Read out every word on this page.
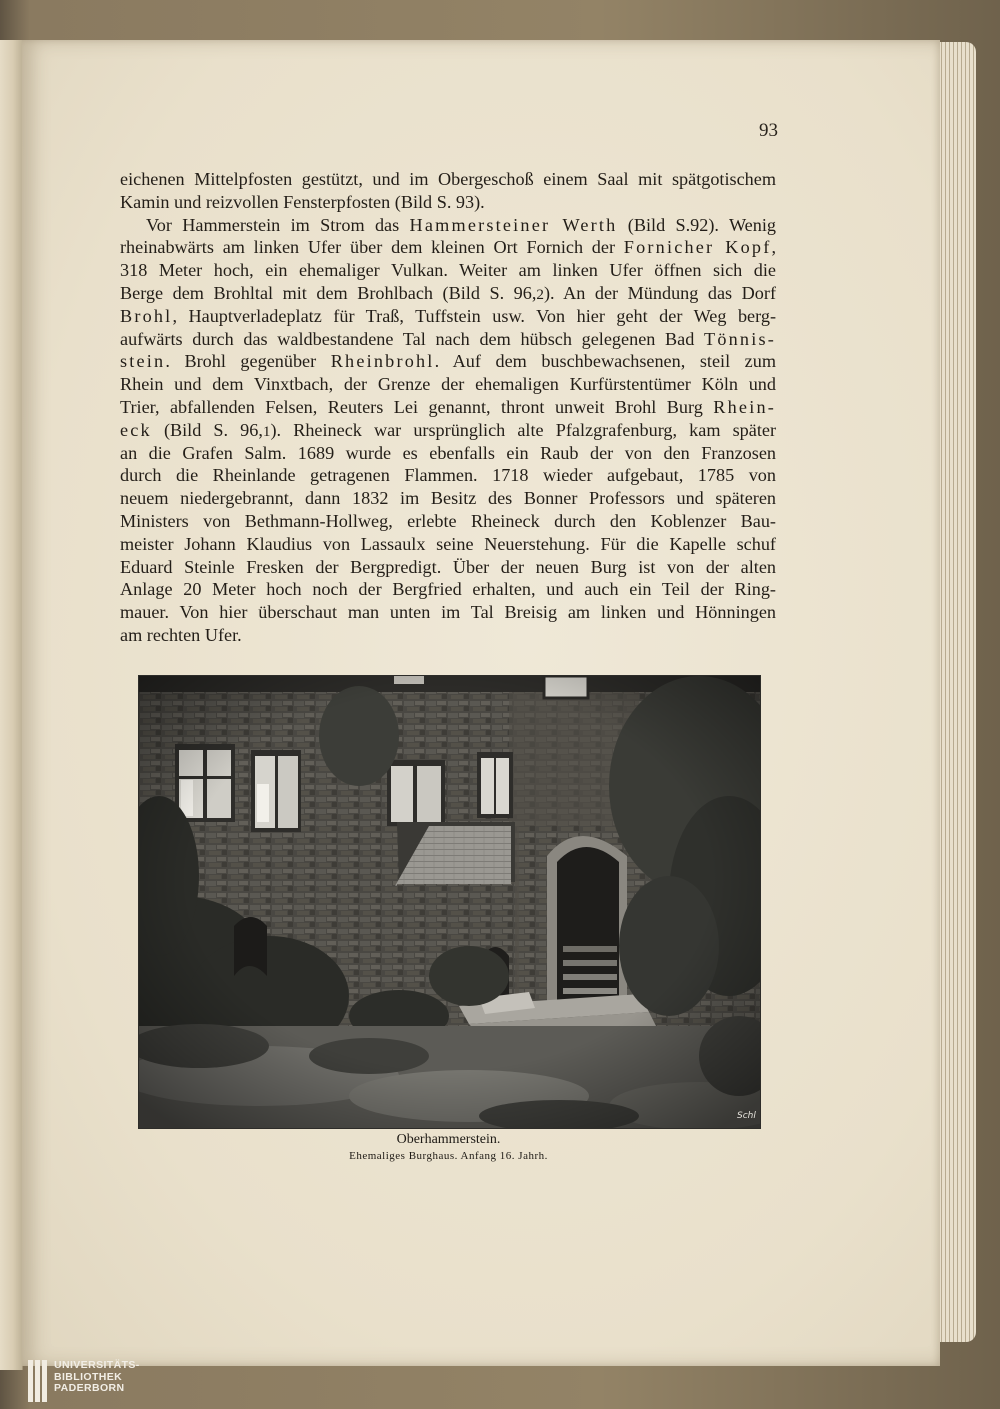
93
eichenen Mittelpfosten gestützt, und im Obergeschoß einem Saal mit spätgotischem
Kamin und reizvollen Fensterpfosten (Bild S. 93).
Vor Hammerstein im Strom das Hammersteiner Werth (Bild S.92). Wenig
rheinabwärts am linken Ufer über dem kleinen Ort Fornich der Fornicher Kopf,
318 Meter hoch, ein ehemaliger Vulkan. Weiter am linken Ufer öffnen sich die
Berge dem Brohltal mit dem Brohlbach (Bild S. 96,2). An der Mündung das Dorf
Brohl, Hauptverladeplatz für Traß, Tuffstein usw. Von hier geht der Weg berg-
aufwärts durch das waldbestandene Tal nach dem hübsch gelegenen Bad Tönnis-
stein. Brohl gegenüber Rheinbrohl. Auf dem buschbewachsenen, steil zum
Rhein und dem Vinxtbach, der Grenze der ehemaligen Kurfürstentümer Köln und
Trier, abfallenden Felsen, Reuters Lei genannt, thront unweit Brohl Burg Rhein-
eck (Bild S. 96,1). Rheineck war ursprünglich alte Pfalzgrafenburg, kam später
an die Grafen Salm. 1689 wurde es ebenfalls ein Raub der von den Franzosen
durch die Rheinlande getragenen Flammen. 1718 wieder aufgebaut, 1785 von
neuem niedergebrannt, dann 1832 im Besitz des Bonner Professors und späteren
Ministers von Bethmann-Hollweg, erlebte Rheineck durch den Koblenzer Bau-
meister Johann Klaudius von Lassaulx seine Neuerstehung. Für die Kapelle schuf
Eduard Steinle Fresken der Bergpredigt. Über der neuen Burg ist von der alten
Anlage 20 Meter hoch noch der Bergfried erhalten, und auch ein Teil der Ring-
mauer. Von hier überschaut man unten im Tal Breisig am linken und Hönningen
am rechten Ufer.
Schl
Oberhammerstein.
Ehemaliges Burghaus. Anfang 16. Jahrh.
UNIVERSITÄTS-
BIBLIOTHEK
PADERBORN
